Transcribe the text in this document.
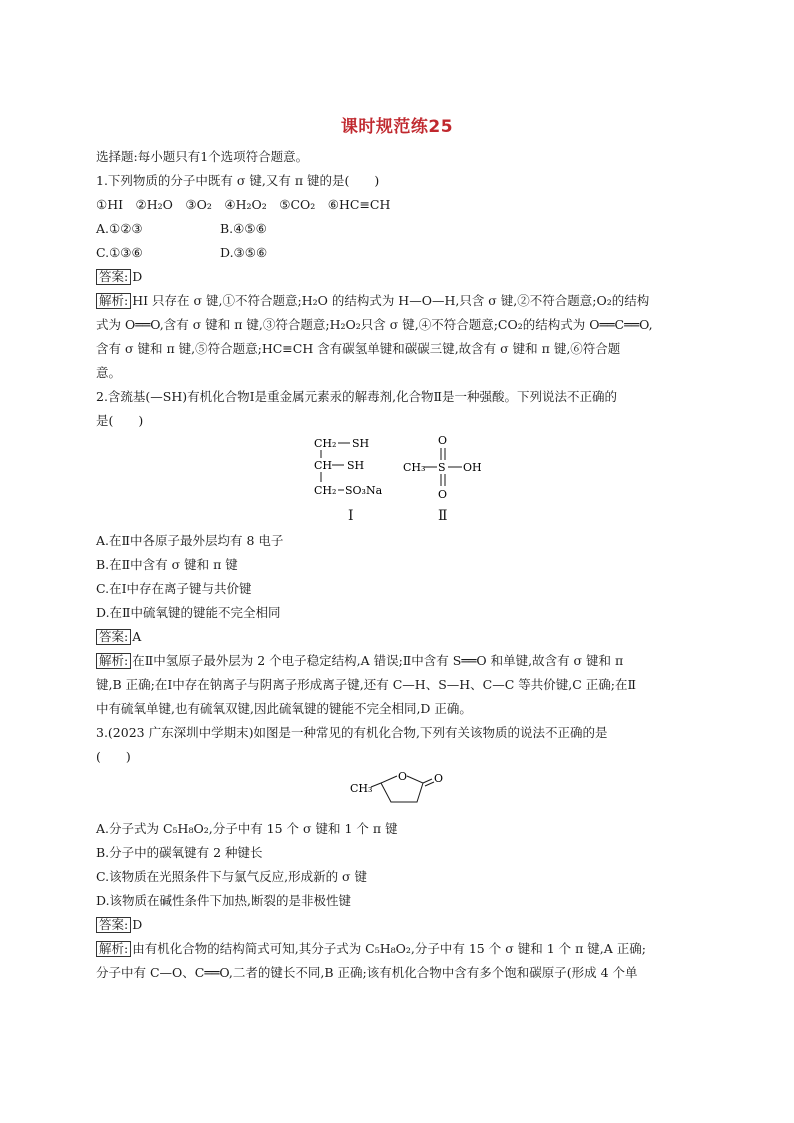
课时规范练25
选择题:每小题只有1个选项符合题意。
1.下列物质的分子中既有 σ 键,又有 π 键的是(　　)
①HI　②H₂O　③O₂　④H₂O₂　⑤CO₂　⑥HC≡CH
A.①②③	B.④⑤⑥
C.①③⑥	D.③⑤⑥
答案: D
解析: HI 只存在 σ 键,①不符合题意;H₂O 的结构式为 H—O—H,只含 σ 键,②不符合题意;O₂的结构
式为 O══O,含有 σ 键和 π 键,③符合题意;H₂O₂只含 σ 键,④不符合题意;CO₂的结构式为 O══C══O,
含有 σ 键和 π 键,⑤符合题意;HC≡CH 含有碳氢单键和碳碳三键,故含有 σ 键和 π 键,⑥符合题
意。
2.含巯基(—SH)有机化合物Ⅰ是重金属元素汞的解毒剂,化合物Ⅱ是一种强酸。下列说法不正确的
是(　　)
CH₂ SH
CH SH
CH₂ SO₃Na
Ⅰ
O
CH₃ S OH
O
Ⅱ
A.在Ⅱ中各原子最外层均有 8 电子
B.在Ⅱ中含有 σ 键和 π 键
C.在Ⅰ中存在离子键与共价键
D.在Ⅱ中硫氧键的键能不完全相同
答案: A
解析: 在Ⅱ中氢原子最外层为 2 个电子稳定结构,A 错误;Ⅱ中含有 S══O 和单键,故含有 σ 键和 π
键,B 正确;在Ⅰ中存在钠离子与阴离子形成离子键,还有 C—H、S—H、C—C 等共价键,C 正确;在Ⅱ
中有硫氧单键,也有硫氧双键,因此硫氧键的键能不完全相同,D 正确。
3.(2023 广东深圳中学期末)如图是一种常见的有机化合物,下列有关该物质的说法不正确的是
(　　)
CH₃
O O
A.分子式为 C₅H₈O₂,分子中有 15 个 σ 键和 1 个 π 键
B.分子中的碳氧键有 2 种键长
C.该物质在光照条件下与氯气反应,形成新的 σ 键
D.该物质在碱性条件下加热,断裂的是非极性键
答案: D
解析: 由有机化合物的结构简式可知,其分子式为 C₅H₈O₂,分子中有 15 个 σ 键和 1 个 π 键,A 正确;
分子中有 C—O、C══O,二者的键长不同,B 正确;该有机化合物中含有多个饱和碳原子(形成 4 个单
